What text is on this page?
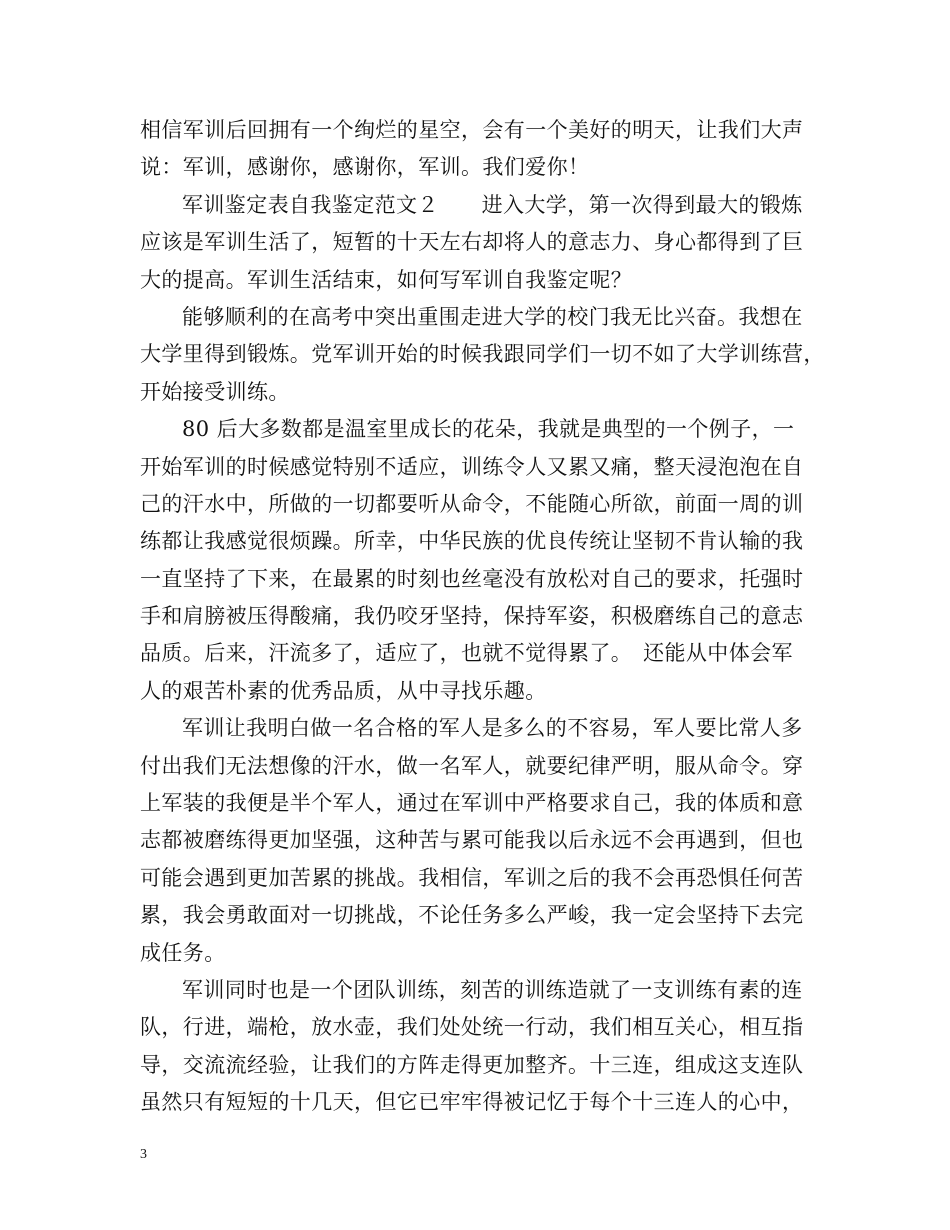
相信军训后回拥有一个绚烂的星空，会有一个美好的明天，让我们大声
说：军训，感谢你，感谢你，军训。我们爱你！
军训鉴定表自我鉴定范文２　　进入大学，第一次得到最大的锻炼
应该是军训生活了，短暂的十天左右却将人的意志力、身心都得到了巨
大的提高。军训生活结束，如何写军训自我鉴定呢？
能够顺利的在高考中突出重围走进大学的校门我无比兴奋。我想在
大学里得到锻炼。党军训开始的时候我跟同学们一切不如了大学训练营，
开始接受训练。
80 后大多数都是温室里成长的花朵，我就是典型的一个例子，一
开始军训的时候感觉特别不适应，训练令人又累又痛，整天浸泡泡在自
己的汗水中，所做的一切都要听从命令，不能随心所欲，前面一周的训
练都让我感觉很烦躁。所幸，中华民族的优良传统让坚韧不肯认输的我
一直坚持了下来，在最累的时刻也丝毫没有放松对自己的要求，托强时
手和肩膀被压得酸痛，我仍咬牙坚持，保持军姿，积极磨练自己的意志
品质。后来，汗流多了，适应了，也就不觉得累了。　还能从中体会军
人的艰苦朴素的优秀品质，从中寻找乐趣。
军训让我明白做一名合格的军人是多么的不容易，军人要比常人多
付出我们无法想像的汗水，做一名军人，就要纪律严明，服从命令。穿
上军装的我便是半个军人，通过在军训中严格要求自己，我的体质和意
志都被磨练得更加坚强，这种苦与累可能我以后永远不会再遇到，但也
可能会遇到更加苦累的挑战。我相信，军训之后的我不会再恐惧任何苦
累，我会勇敢面对一切挑战，不论任务多么严峻，我一定会坚持下去完
成任务。
军训同时也是一个团队训练，刻苦的训练造就了一支训练有素的连
队，行进，端枪，放水壶，我们处处统一行动，我们相互关心，相互指
导，交流流经验，让我们的方阵走得更加整齐。十三连，组成这支连队
虽然只有短短的十几天，但它已牢牢得被记忆于每个十三连人的心中，
3
